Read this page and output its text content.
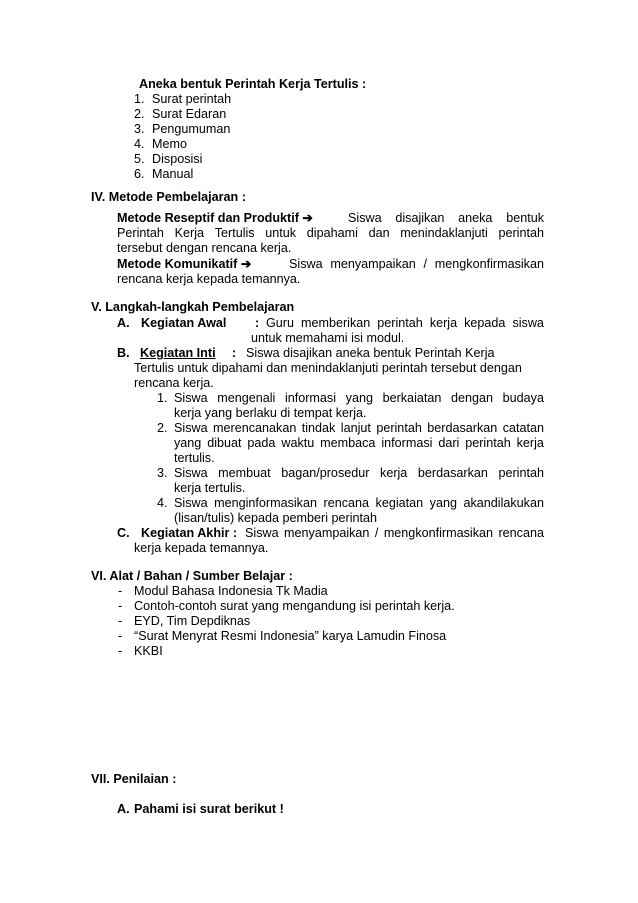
Aneka bentuk Perintah Kerja Tertulis :
1. Surat perintah
2. Surat Edaran
3. Pengumuman
4. Memo
5. Disposisi
6. Manual
IV. Metode Pembelajaran :
Metode Reseptif dan Produktif ➔	Siswa disajikan aneka bentuk
Perintah Kerja Tertulis untuk dipahami dan menindaklanjuti perintah
tersebut dengan rencana kerja.
Metode Komunikatif ➔	Siswa menyampaikan / mengkonfirmasikan
rencana kerja kepada temannya.
V. Langkah-langkah Pembelajaran
A. Kegiatan Awal : Guru memberikan perintah kerja kepada siswa
untuk memahami isi modul.
B. Kegiatan Inti : Siswa disajikan aneka bentuk Perintah Kerja
Tertulis untuk dipahami dan menindaklanjuti perintah tersebut dengan
rencana kerja.
1. Siswa mengenali informasi yang berkaiatan dengan budaya
kerja yang berlaku di tempat kerja.
2. Siswa merencanakan tindak lanjut perintah berdasarkan catatan
yang dibuat pada waktu membaca informasi dari perintah kerja
tertulis.
3. Siswa membuat bagan/prosedur kerja berdasarkan perintah
kerja tertulis.
4. Siswa menginformasikan rencana kegiatan yang akandilakukan
(lisan/tulis) kepada pemberi perintah
C. Kegiatan Akhir : Siswa menyampaikan / mengkonfirmasikan rencana
kerja kepada temannya.
VI. Alat / Bahan / Sumber Belajar :
- Modul Bahasa Indonesia Tk Madia
- Contoh-contoh surat yang mengandung isi perintah kerja.
- EYD, Tim Depdiknas
- “Surat Menyrat Resmi Indonesia” karya Lamudin Finosa
- KKBI
VII. Penilaian :
A. Pahami isi surat berikut !
